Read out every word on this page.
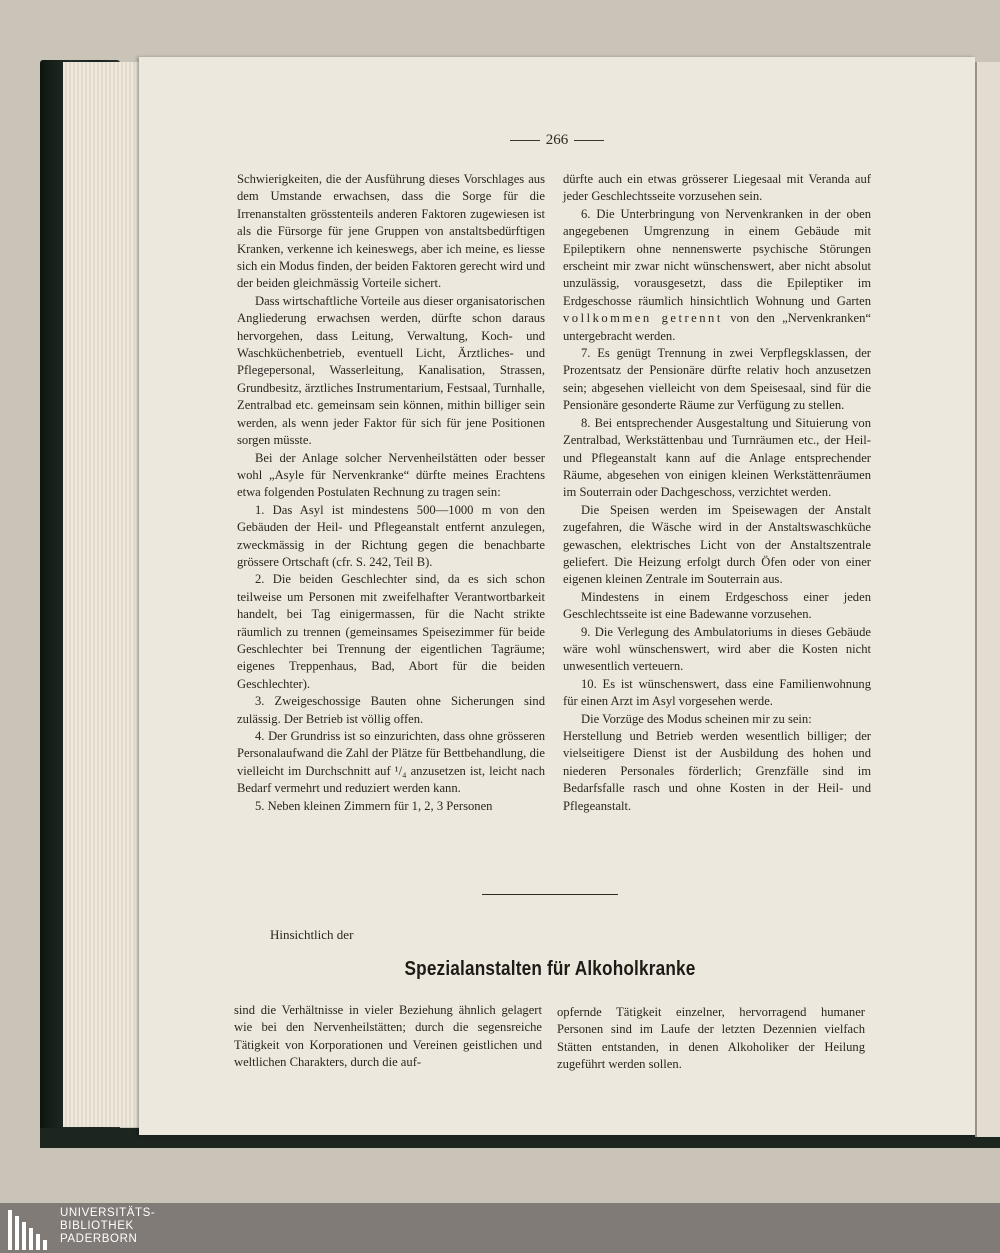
266

Schwierigkeiten, die der Ausführung dieses Vorschlages aus dem Umstande erwachsen, dass die Sorge für die Irrenanstalten grösstenteils anderen Faktoren zugewiesen ist als die Fürsorge für jene Gruppen von anstaltsbedürftigen Kranken, verkenne ich keineswegs, aber ich meine, es liesse sich ein Modus finden, der beiden Faktoren gerecht wird und der beiden gleichmässig Vorteile sichert.

Dass wirtschaftliche Vorteile aus dieser organisatorischen Angliederung erwachsen werden, dürfte schon daraus hervorgehen, dass Leitung, Verwaltung, Koch- und Waschküchenbetrieb, eventuell Licht, Ärztliches- und Pflegepersonal, Wasserleitung, Kanalisation, Strassen, Grundbesitz, ärztliches Instrumentarium, Festsaal, Turnhalle, Zentralbad etc. gemeinsam sein können, mithin billiger sein werden, als wenn jeder Faktor für sich für jene Positionen sorgen müsste.

Bei der Anlage solcher Nervenheilstätten oder besser wohl „Asyle für Nervenkranke“ dürfte meines Erachtens etwa folgenden Postulaten Rechnung zu tragen sein:

1. Das Asyl ist mindestens 500—1000 m von den Gebäuden der Heil- und Pflegeanstalt entfernt anzulegen, zweckmässig in der Richtung gegen die benachbarte grössere Ortschaft (cfr. S. 242, Teil B).

2. Die beiden Geschlechter sind, da es sich schon teilweise um Personen mit zweifelhafter Verantwortbarkeit handelt, bei Tag einigermassen, für die Nacht strikte räumlich zu trennen (gemeinsames Speisezimmer für beide Geschlechter bei Trennung der eigentlichen Tagräume; eigenes Treppenhaus, Bad, Abort für die beiden Geschlechter).

3. Zweigeschossige Bauten ohne Sicherungen sind zulässig. Der Betrieb ist völlig offen.

4. Der Grundriss ist so einzurichten, dass ohne grösseren Personalaufwand die Zahl der Plätze für Bettbehandlung, die vielleicht im Durchschnitt auf ¹/₄ anzusetzen ist, leicht nach Bedarf vermehrt und reduziert werden kann.

5. Neben kleinen Zimmern für 1, 2, 3 Personen

dürfte auch ein etwas grösserer Liegesaal mit Veranda auf jeder Geschlechtsseite vorzusehen sein.

6. Die Unterbringung von Nervenkranken in der oben angegebenen Umgrenzung in einem Gebäude mit Epileptikern ohne nennenswerte psychische Störungen erscheint mir zwar nicht wünschenswert, aber nicht absolut unzulässig, vorausgesetzt, dass die Epileptiker im Erdgeschosse räumlich hinsichtlich Wohnung und Garten vollkommen getrennt von den „Nervenkranken“ untergebracht werden.

7. Es genügt Trennung in zwei Verpflegsklassen, der Prozentsatz der Pensionäre dürfte relativ hoch anzusetzen sein; abgesehen vielleicht von dem Speisesaal, sind für die Pensionäre gesonderte Räume zur Verfügung zu stellen.

8. Bei entsprechender Ausgestaltung und Situierung von Zentralbad, Werkstättenbau und Turnräumen etc., der Heil- und Pflegeanstalt kann auf die Anlage entsprechender Räume, abgesehen von einigen kleinen Werkstättenräumen im Souterrain oder Dachgeschoss, verzichtet werden.

Die Speisen werden im Speisewagen der Anstalt zugefahren, die Wäsche wird in der Anstaltswaschküche gewaschen, elektrisches Licht von der Anstaltszentrale geliefert. Die Heizung erfolgt durch Öfen oder von einer eigenen kleinen Zentrale im Souterrain aus.

Mindestens in einem Erdgeschoss einer jeden Geschlechtsseite ist eine Badewanne vorzusehen.

9. Die Verlegung des Ambulatoriums in dieses Gebäude wäre wohl wünschenswert, wird aber die Kosten nicht unwesentlich verteuern.

10. Es ist wünschenswert, dass eine Familienwohnung für einen Arzt im Asyl vorgesehen werde.

Die Vorzüge des Modus scheinen mir zu sein:

Herstellung und Betrieb werden wesentlich billiger; der vielseitigere Dienst ist der Ausbildung des hohen und niederen Personales förderlich; Grenzfälle sind im Bedarfsfalle rasch und ohne Kosten in der Heil- und Pflegeanstalt.

Hinsichtlich der
Spezialanstalten für Alkoholkranke
sind die Verhältnisse in vieler Beziehung ähnlich gelagert wie bei den Nervenheilstätten; durch die segensreiche Tätigkeit von Korporationen und Vereinen geistlichen und weltlichen Charakters, durch die auf-
opfernde Tätigkeit einzelner, hervorragend humaner Personen sind im Laufe der letzten Dezennien vielfach Stätten entstanden, in denen Alkoholiker der Heilung zugeführt werden sollen.
UNIVERSITÄTS-
BIBLIOTHEK
PADERBORN
